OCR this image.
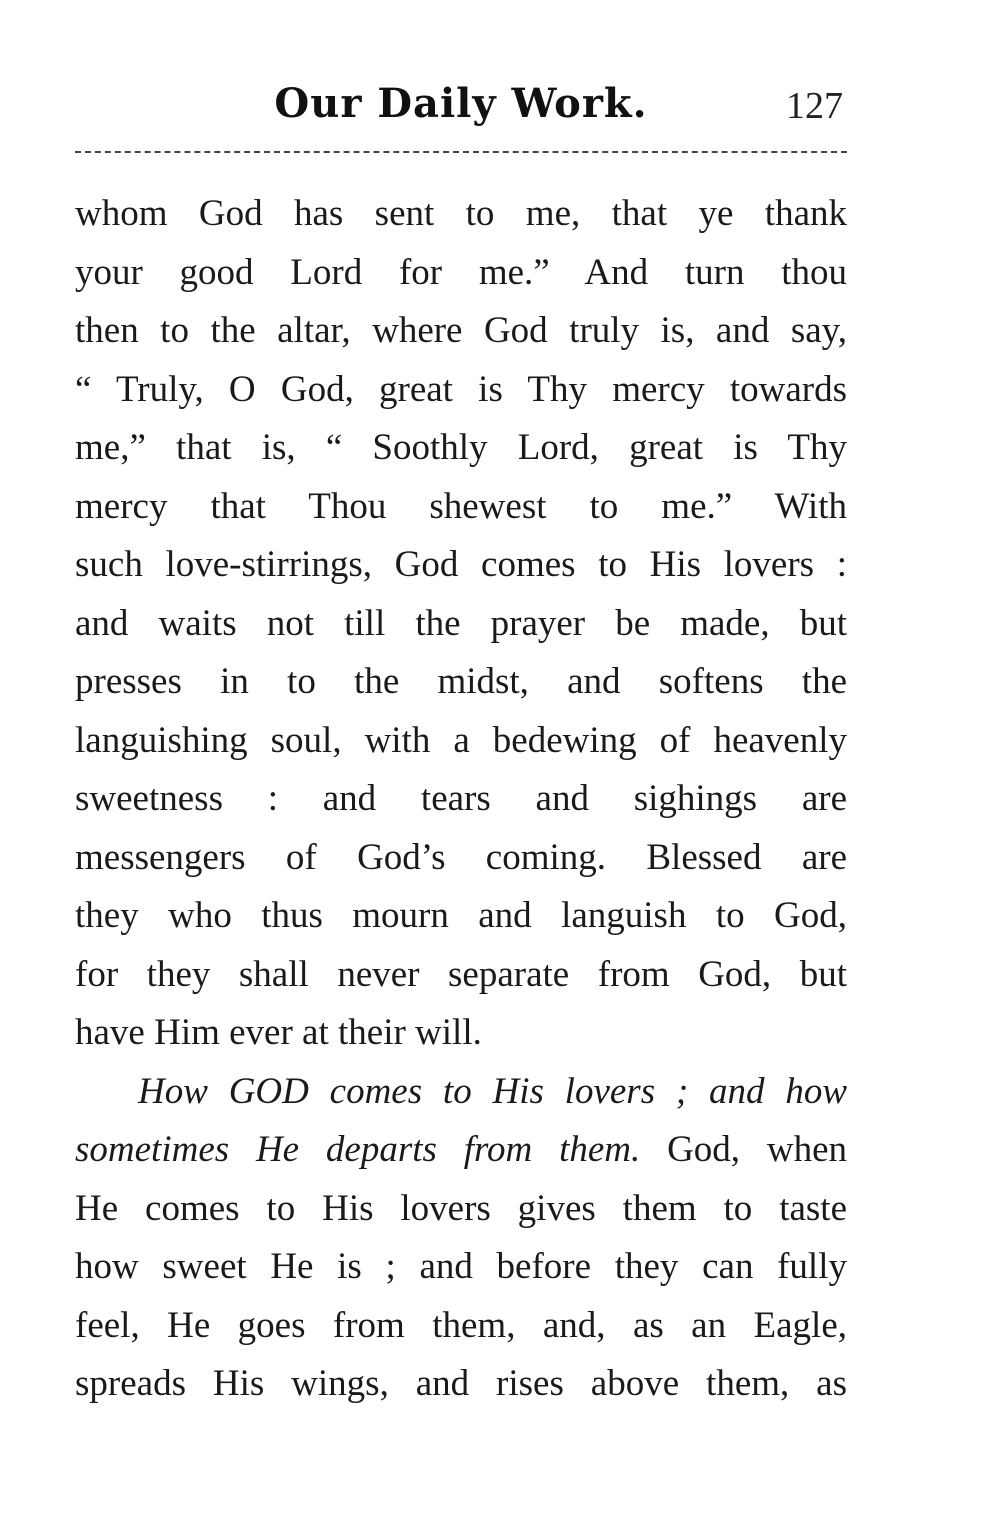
Our Daily Work.	127
whom God has sent to me, that ye thank
your good Lord for me.” And turn thou
then to the altar, where God truly is, and say,
“ Truly, O God, great is Thy mercy towards
me,” that is, “ Soothly Lord, great is Thy
mercy that Thou shewest to me.” With
such love-stirrings, God comes to His lovers :
and waits not till the prayer be made, but
presses in to the midst, and softens the
languishing soul, with a bedewing of heavenly
sweetness : and tears and sighings are
messengers of God’s coming. Blessed are
they who thus mourn and languish to God,
for they shall never separate from God, but
have Him ever at their will.
How GOD comes to His lovers ; and how
sometimes He departs from them. God, when
He comes to His lovers gives them to taste
how sweet He is ; and before they can fully
feel, He goes from them, and, as an Eagle,
spreads His wings, and rises above them, as
